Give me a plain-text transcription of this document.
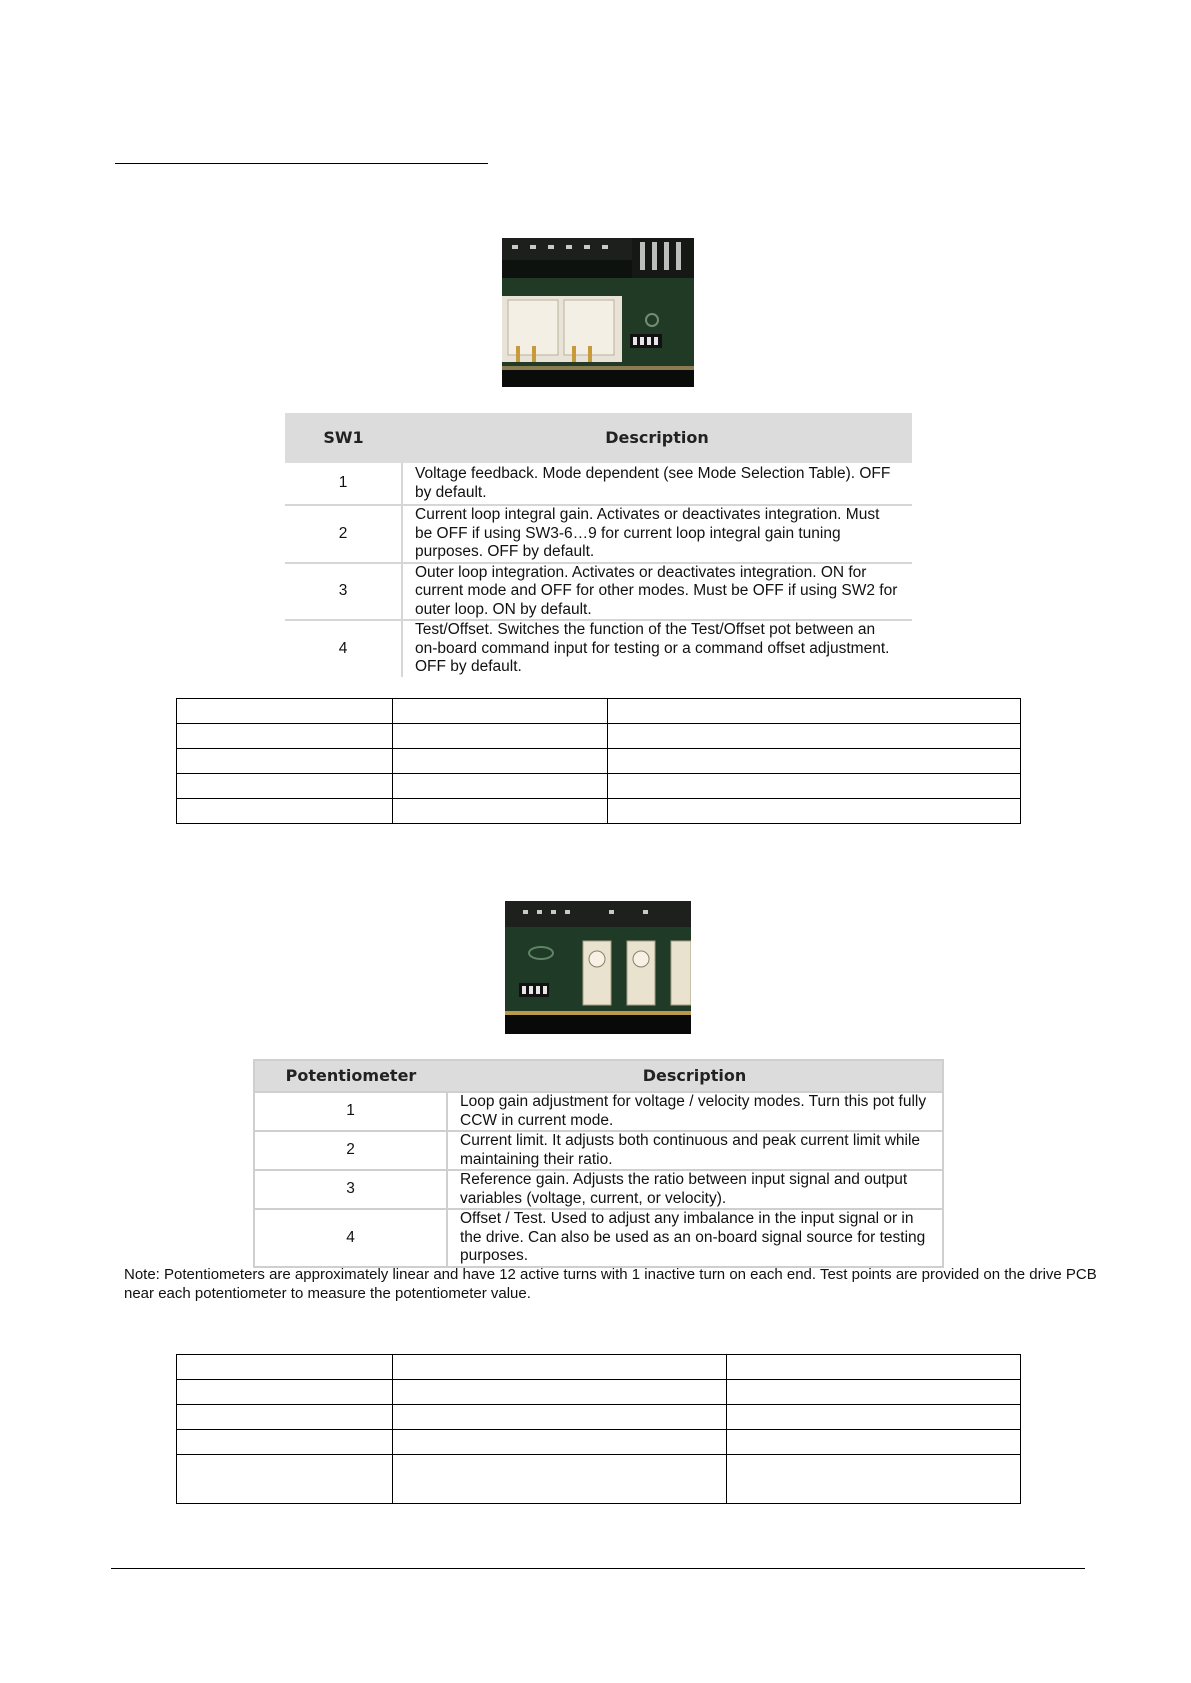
SW1	Description
1	Voltage feedback. Mode dependent (see Mode Selection Table). OFF by default.
2	Current loop integral gain. Activates or deactivates integration. Must be OFF if using SW3-6…9 for current loop integral gain tuning purposes. OFF by default.
3	Outer loop integration. Activates or deactivates integration. ON for current mode and OFF for other modes. Must be OFF if using SW2 for outer loop. ON by default.
4	Test/Offset. Switches the function of the Test/Offset pot between an on-board command input for testing or a command offset adjustment. OFF by default.

Potentiometer	Description
1	Loop gain adjustment for voltage / velocity modes. Turn this pot fully CCW in current mode.
2	Current limit. It adjusts both continuous and peak current limit while maintaining their ratio.
3	Reference gain. Adjusts the ratio between input signal and output variables (voltage, current, or velocity).
4	Offset / Test. Used to adjust any imbalance in the input signal or in the drive. Can also be used as an on-board signal source for testing purposes.
Note: Potentiometers are approximately linear and have 12 active turns with 1 inactive turn on each end. Test points are provided on the drive PCB near each potentiometer to measure the potentiometer value.
